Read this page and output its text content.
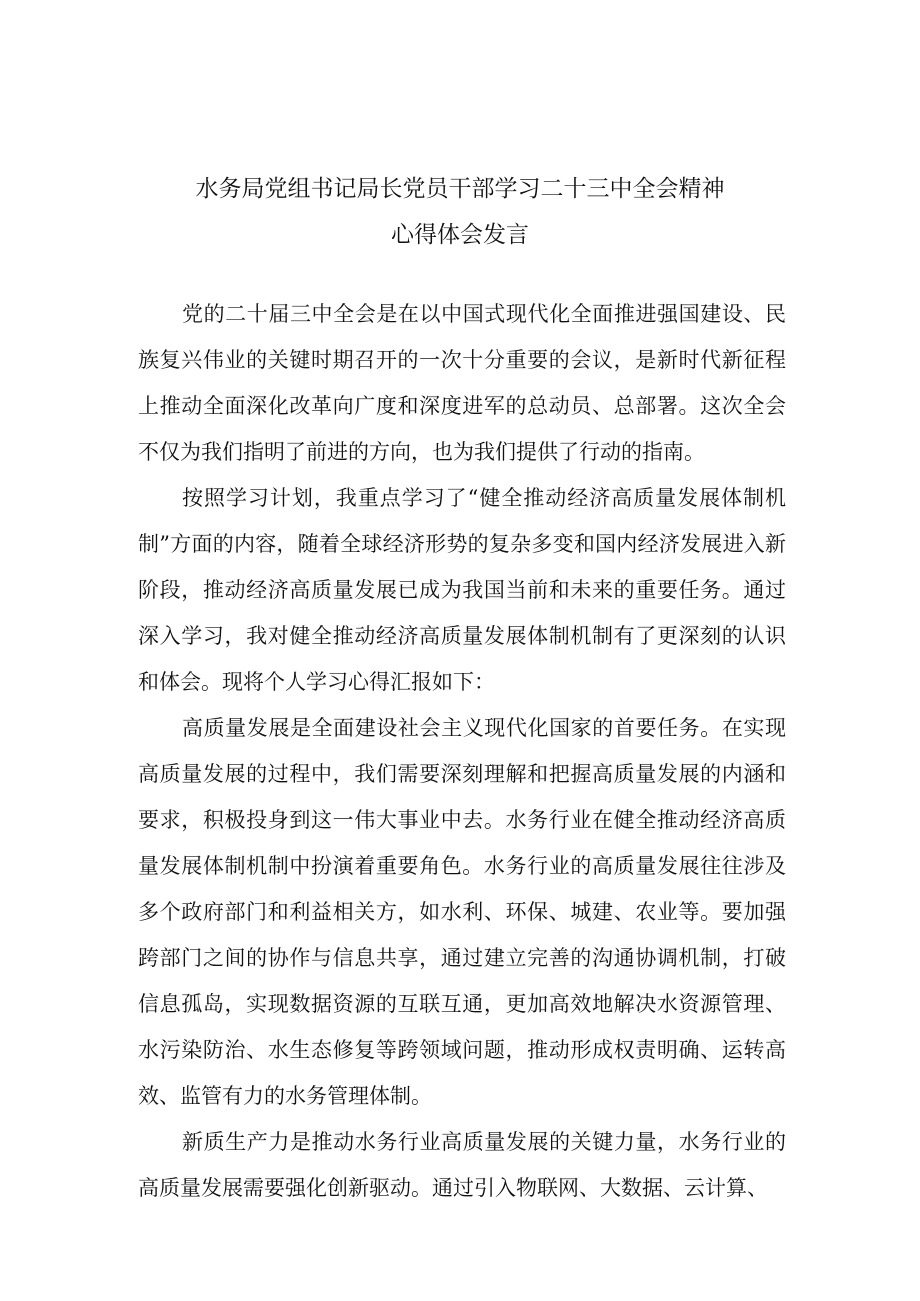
水务局党组书记局长党员干部学习二十三中全会精神
心得体会发言

党的二十届三中全会是在以中国式现代化全面推进强国建设、民族复兴伟业的关键时期召开的一次十分重要的会议，是新时代新征程上推动全面深化改革向广度和深度进军的总动员、总部署。这次全会不仅为我们指明了前进的方向，也为我们提供了行动的指南。

按照学习计划，我重点学习了“健全推动经济高质量发展体制机制”方面的内容，随着全球经济形势的复杂多变和国内经济发展进入新阶段，推动经济高质量发展已成为我国当前和未来的重要任务。通过深入学习，我对健全推动经济高质量发展体制机制有了更深刻的认识和体会。现将个人学习心得汇报如下：

高质量发展是全面建设社会主义现代化国家的首要任务。在实现高质量发展的过程中，我们需要深刻理解和把握高质量发展的内涵和要求，积极投身到这一伟大事业中去。水务行业在健全推动经济高质量发展体制机制中扮演着重要角色。水务行业的高质量发展往往涉及多个政府部门和利益相关方，如水利、环保、城建、农业等。要加强跨部门之间的协作与信息共享，通过建立完善的沟通协调机制，打破信息孤岛，实现数据资源的互联互通，更加高效地解决水资源管理、水污染防治、水生态修复等跨领域问题，推动形成权责明确、运转高效、监管有力的水务管理体制。

新质生产力是推动水务行业高质量发展的关键力量，水务行业的高质量发展需要强化创新驱动。通过引入物联网、大数据、云计算、
